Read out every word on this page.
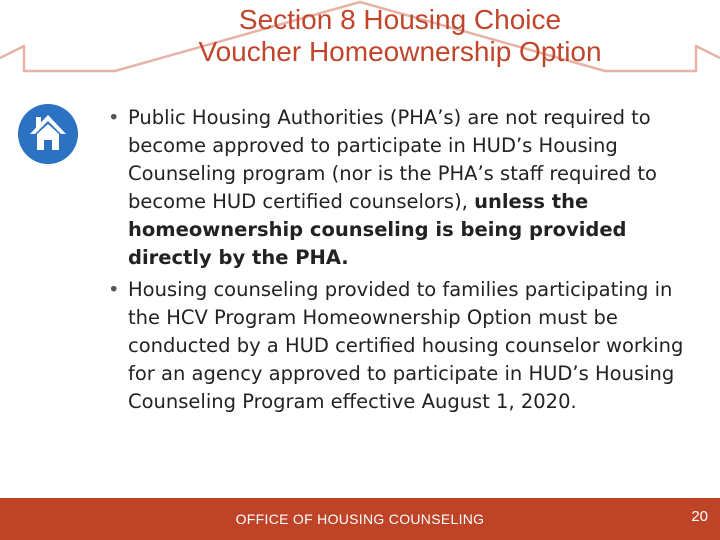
Section 8 Housing Choice
Voucher Homeownership Option
• Public Housing Authorities (PHA’s) are not required to become approved to participate in HUD’s Housing Counseling program (nor is the PHA’s staff required to become HUD certified counselors), unless the homeownership counseling is being provided directly by the PHA.
• Housing counseling provided to families participating in the HCV Program Homeownership Option must be conducted by a HUD certified housing counselor working for an agency approved to participate in HUD’s Housing Counseling Program effective August 1, 2020.
OFFICE OF HOUSING COUNSELING	20
